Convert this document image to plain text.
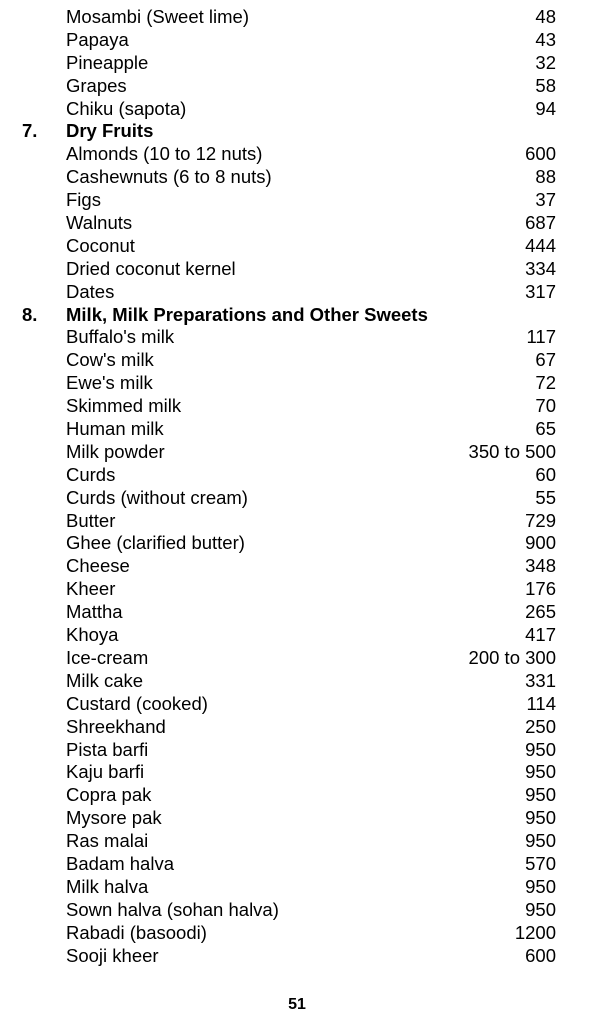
Mosambi (Sweet lime)	48
Papaya	43
Pineapple	32
Grapes	58
Chiku (sapota)	94
7. Dry Fruits
Almonds (10 to 12 nuts)	600
Cashewnuts (6 to 8 nuts)	88
Figs	37
Walnuts	687
Coconut	444
Dried coconut kernel	334
Dates	317
8. Milk, Milk Preparations and Other Sweets
Buffalo's milk	117
Cow's milk	67
Ewe's milk	72
Skimmed milk	70
Human milk	65
Milk powder	350 to 500
Curds	60
Curds (without cream)	55
Butter	729
Ghee (clarified butter)	900
Cheese	348
Kheer	176
Mattha	265
Khoya	417
Ice-cream	200 to 300
Milk cake	331
Custard (cooked)	114
Shreekhand	250
Pista barfi	950
Kaju barfi	950
Copra pak	950
Mysore pak	950
Ras malai	950
Badam halva	570
Milk halva	950
Sown halva (sohan halva)	950
Rabadi (basoodi)	1200
Sooji kheer	600
51
